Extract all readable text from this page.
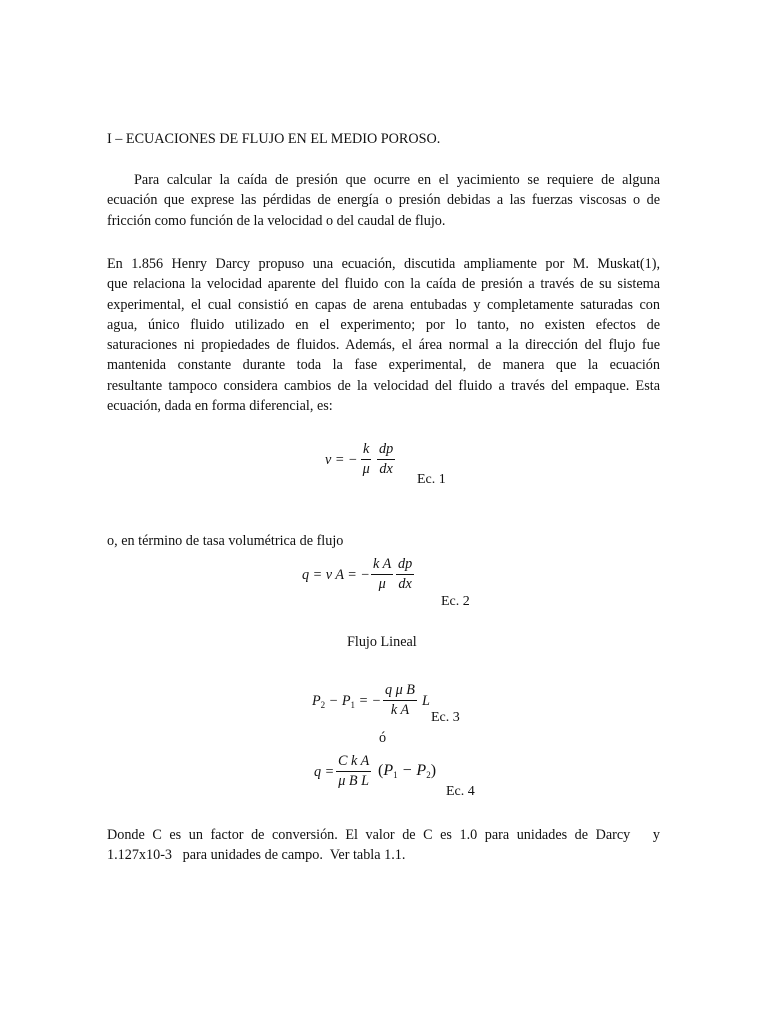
I – ECUACIONES DE FLUJO EN EL MEDIO POROSO.
Para calcular la caída de presión que ocurre en el yacimiento se requiere de alguna
ecuación que exprese las pérdidas de energía o presión debidas a las fuerzas viscosas o de
fricción como función de la velocidad o del caudal de flujo.
En 1.856 Henry Darcy propuso una ecuación, discutida ampliamente por M. Muskat(1),
que relaciona la velocidad aparente del fluido con la caída de presión a través de su sistema
experimental, el cual consistió en capas de arena entubadas y completamente saturadas con
agua, único fluido utilizado en el experimento; por lo tanto, no existen efectos de
saturaciones ni propiedades de fluidos. Además, el área normal a la dirección del flujo fue
mantenida constante durante toda la fase experimental, de manera que la ecuación
resultante tampoco considera cambios de la velocidad del fluido a través del empaque. Esta
ecuación, dada en forma diferencial, es:
v = − $\frac{k}{\mu} \frac{dp}{dx}$
Ec. 1
o, en término de tasa volumétrica de flujo
q = v A = − $\frac{\text{k A}}{\mu} \frac{dp}{dx}$
Ec. 2
Flujo Lineal
$P_2 - P_1$ = − $\frac{\text{q μ B}}{\text{k A}}$ L
Ec. 3
ó
$q = \frac{\text{C k A}}{\text{μ B L}} (P_1 - P_2)$
Ec. 4
Donde C es un factor de conversión. El valor de C es 1.0 para unidades de Darcy   y
1.127x10-3   para unidades de campo.  Ver tabla 1.1.
